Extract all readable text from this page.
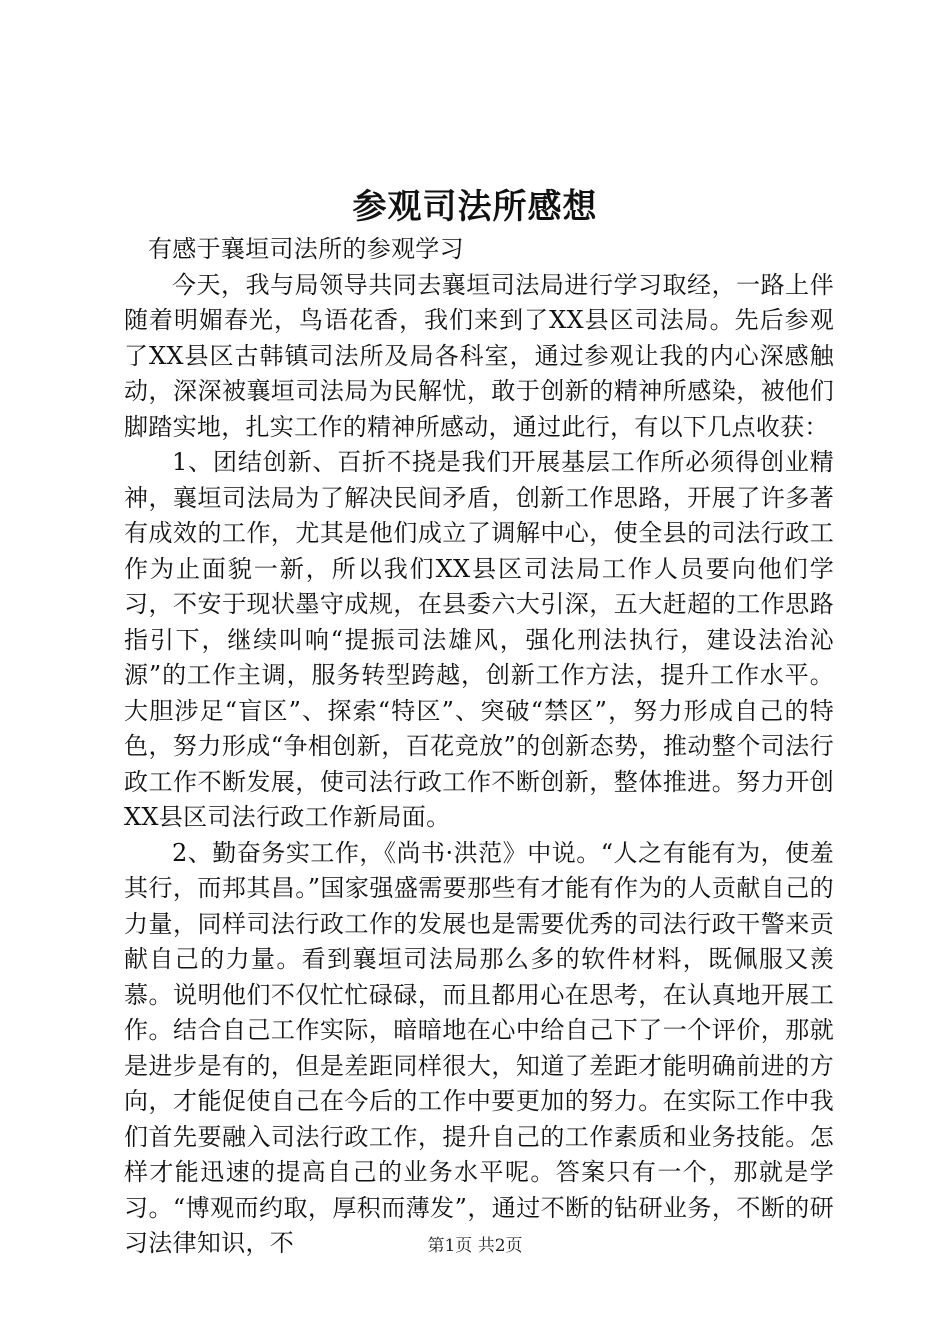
参观司法所感想

有感于襄垣司法所的参观学习

今天，我与局领导共同去襄垣司法局进行学习取经，一路上伴随着明媚春光，鸟语花香，我们来到了XX县区司法局。先后参观了XX县区古韩镇司法所及局各科室，通过参观让我的内心深感触动，深深被襄垣司法局为民解忧，敢于创新的精神所感染，被他们脚踏实地，扎实工作的精神所感动，通过此行，有以下几点收获：

1、团结创新、百折不挠是我们开展基层工作所必须得创业精神，襄垣司法局为了解决民间矛盾，创新工作思路，开展了许多著有成效的工作，尤其是他们成立了调解中心，使全县的司法行政工作为止面貌一新，所以我们XX县区司法局工作人员要向他们学习，不安于现状墨守成规，在县委六大引深，五大赶超的工作思路指引下，继续叫响“提振司法雄风，强化刑法执行，建设法治沁源”的工作主调，服务转型跨越，创新工作方法，提升工作水平。大胆涉足“盲区”、探索“特区”、突破“禁区”，努力形成自己的特色，努力形成“争相创新，百花竞放”的创新态势，推动整个司法行政工作不断发展，使司法行政工作不断创新，整体推进。努力开创XX县区司法行政工作新局面。

2、勤奋务实工作，《尚书·洪范》中说。“人之有能有为，使羞其行，而邦其昌。”国家强盛需要那些有才能有作为的人贡献自己的力量，同样司法行政工作的发展也是需要优秀的司法行政干警来贡献自己的力量。看到襄垣司法局那么多的软件材料，既佩服又羡慕。说明他们不仅忙忙碌碌，而且都用心在思考，在认真地开展工作。结合自己工作实际，暗暗地在心中给自己下了一个评价，那就是进步是有的，但是差距同样很大，知道了差距才能明确前进的方向，才能促使自己在今后的工作中要更加的努力。在实际工作中我们首先要融入司法行政工作，提升自己的工作素质和业务技能。怎样才能迅速的提高自己的业务水平呢。答案只有一个，那就是学习。“博观而约取，厚积而薄发”，通过不断的钻研业务，不断的研习法律知识，不	第1页 共2页
